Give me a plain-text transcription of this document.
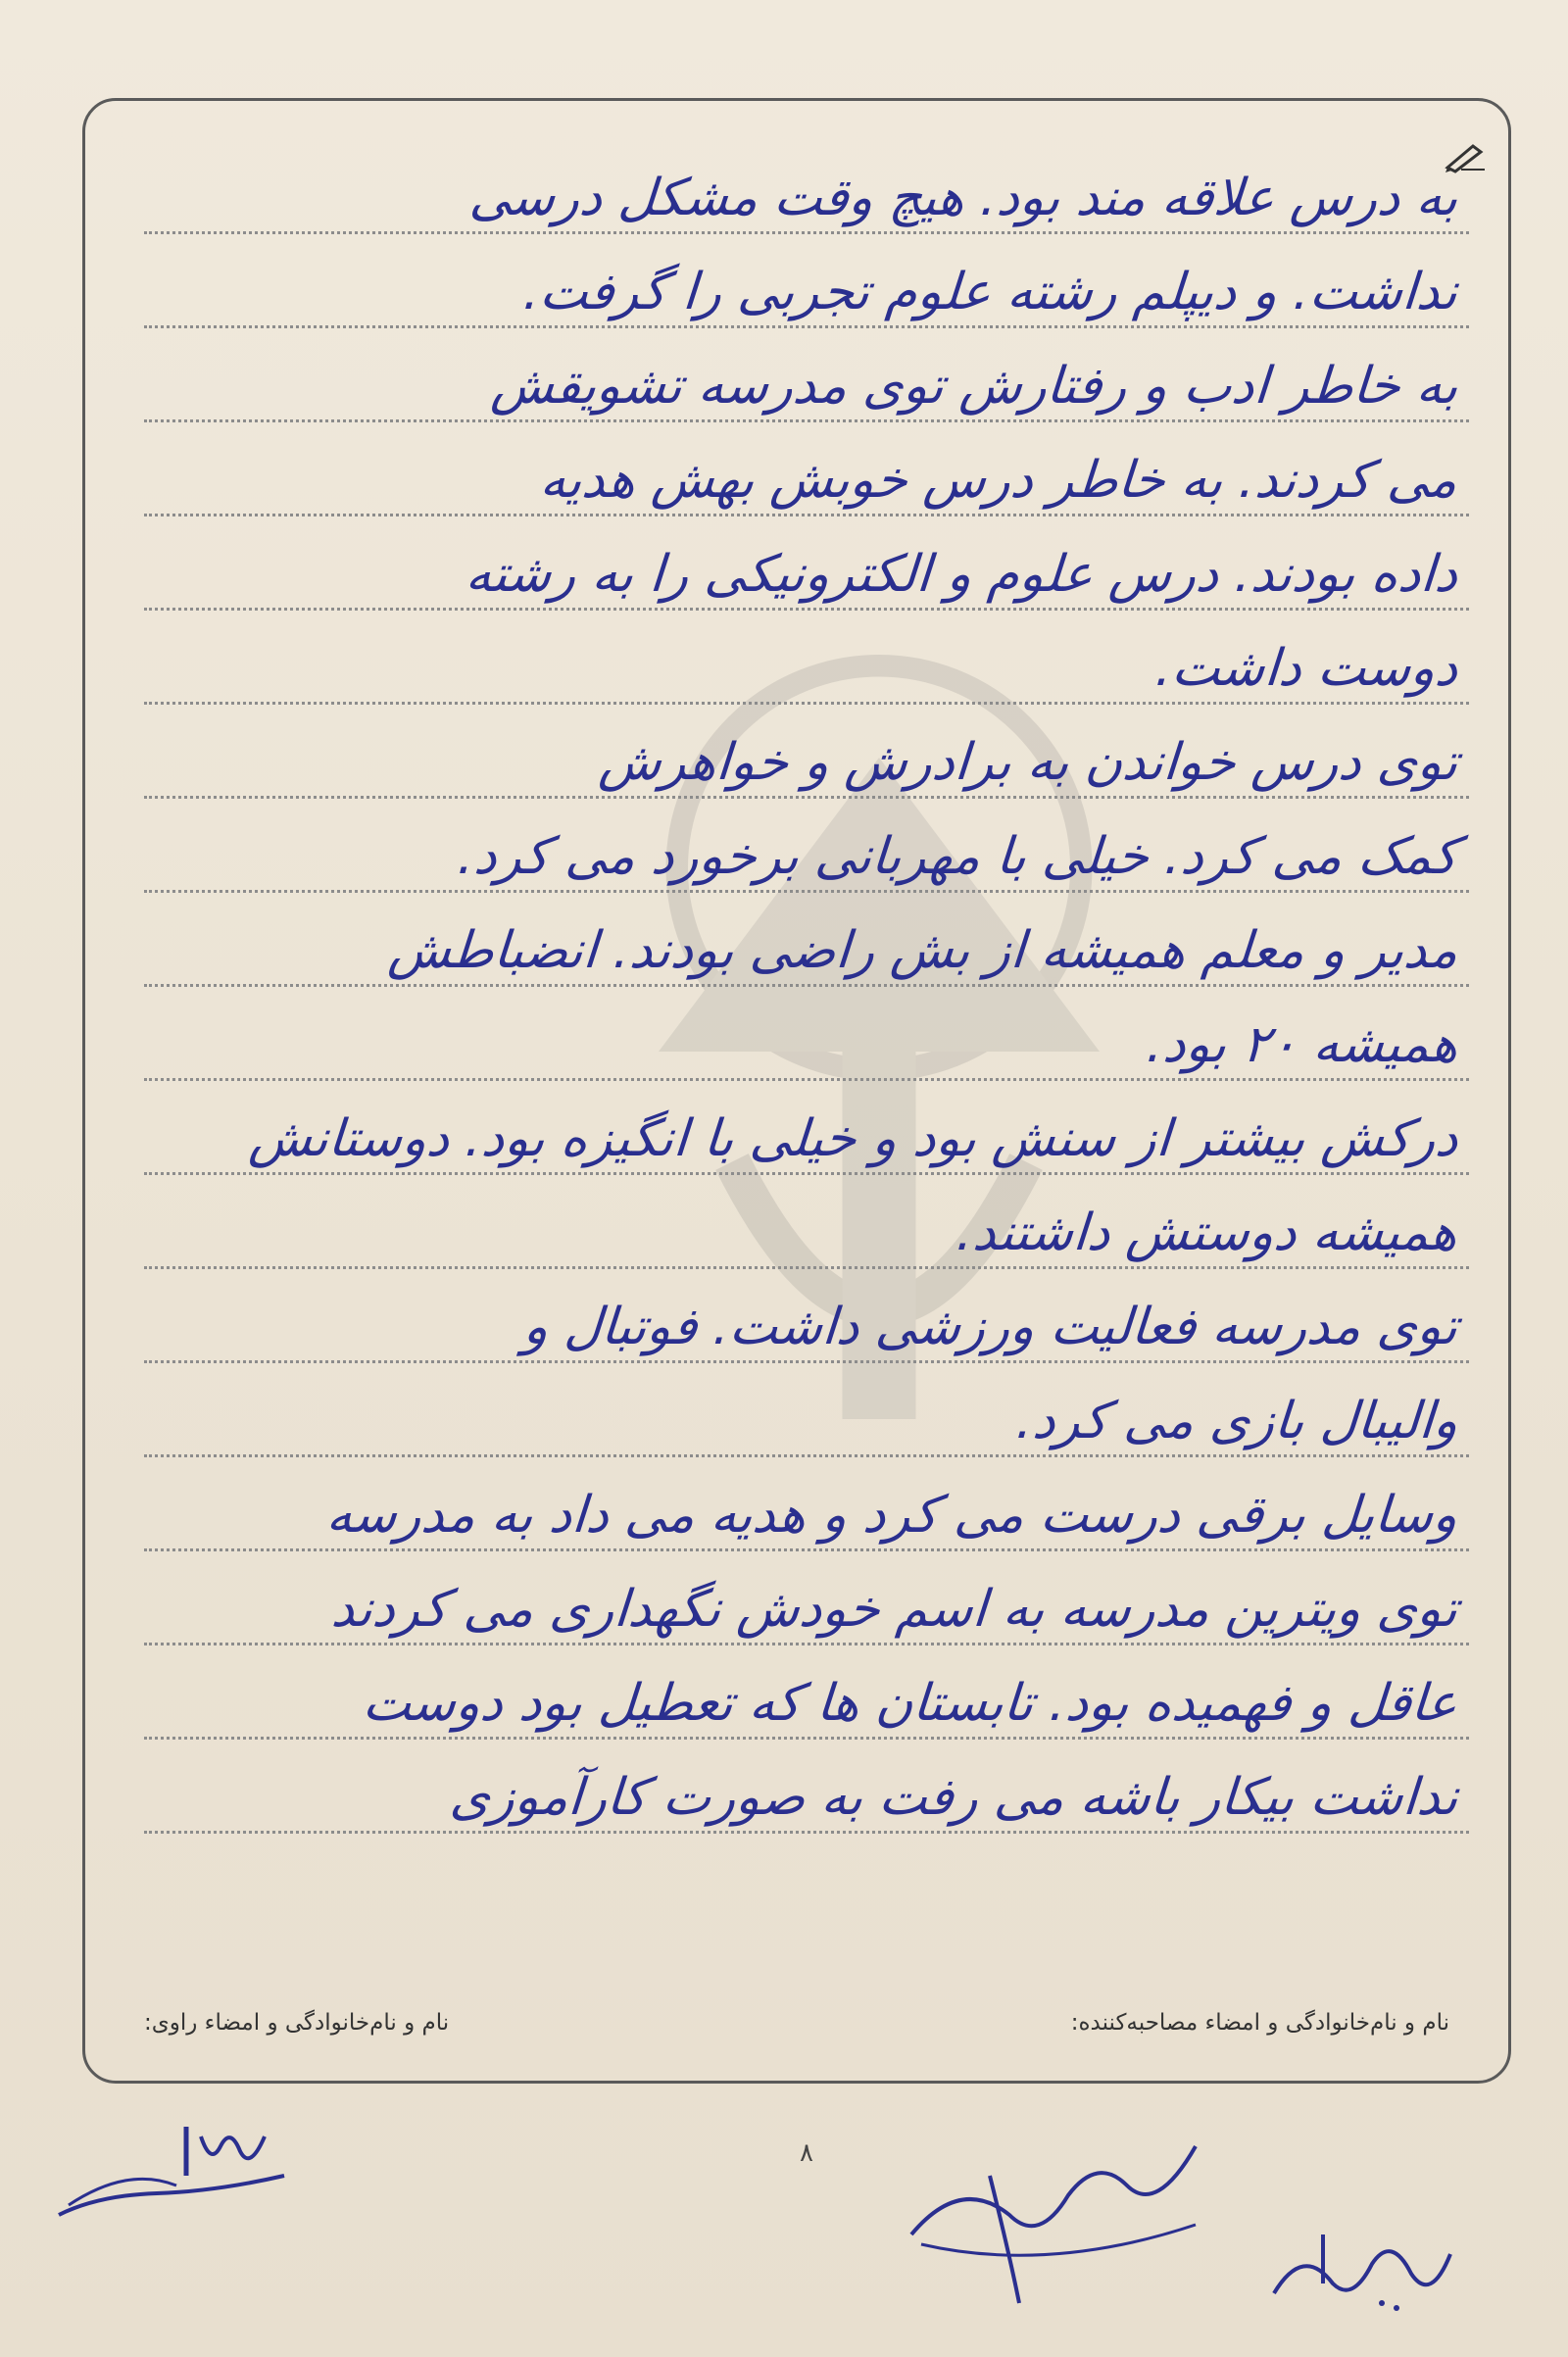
به درس علاقه مند بود. هیچ وقت مشکل درسی
نداشت. و دیپلم رشته علوم تجربی را گرفت.
به خاطر ادب و رفتارش توی مدرسه تشویقش
می کردند. به خاطر درس خوبش بهش هدیه
داده بودند. درس علوم و الکترونیکی را به رشته
دوست داشت.
توی درس خواندن به برادرش و خواهرش
کمک می کرد. خیلی با مهربانی برخورد می کرد.
مدیر و معلم همیشه از بش راضی بودند. انضباطش
همیشه ۲۰ بود.
درکش بیشتر از سنش بود و خیلی با انگیزه بود. دوستانش
همیشه دوستش داشتند.
توی مدرسه فعالیت ورزشی داشت. فوتبال و
والیبال بازی می کرد.
وسایل برقی درست می کرد و هدیه می داد به مدرسه
توی ویترین مدرسه به اسم خودش نگهداری می کردند
عاقل و فهمیده بود. تابستان ها که تعطیل بود دوست
نداشت بیکار باشه می رفت به صورت کارآموزی
نام و نام‌خانوادگی و امضاء مصاحبه‌کننده:
نام و نام‌خانوادگی و امضاء راوی:
۸
